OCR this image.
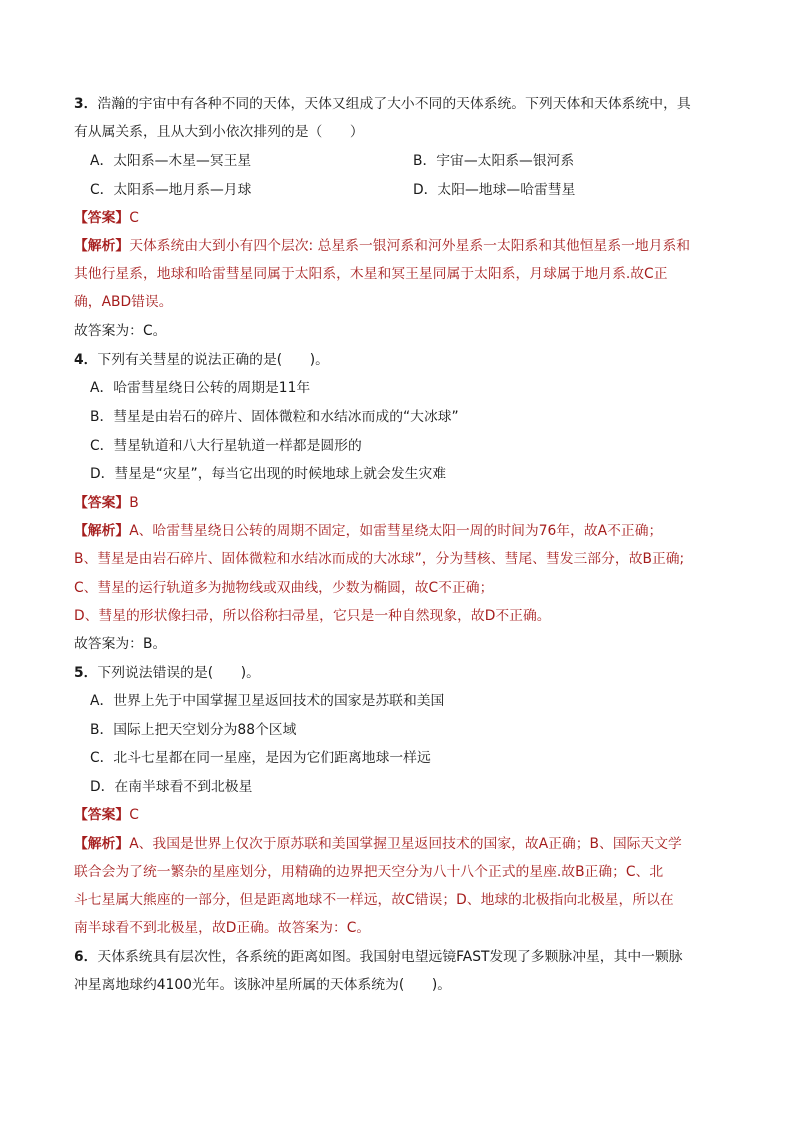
3．浩瀚的宇宙中有各种不同的天体，天体又组成了大小不同的天体系统。下列天体和天体系统中，具
有从属关系，且从大到小依次排列的是（　　）
A．太阳系—木星—冥王星	B．宇宙—太阳系—银河系
C．太阳系—地月系—月球	D．太阳—地球—哈雷彗星
【答案】C
【解析】天体系统由大到小有四个层次: 总星系一银河系和河外星系一太阳系和其他恒星系一地月系和
其他行星系，地球和哈雷彗星同属于太阳系，木星和冥王星同属于太阳系，月球属于地月系.故C正
确，ABD错误。
故答案为：C。
4．下列有关彗星的说法正确的是(　　)。
A．哈雷彗星绕日公转的周期是11年
B．彗星是由岩石的碎片、固体微粒和水结冰而成的“大冰球”
C．彗星轨道和八大行星轨道一样都是圆形的
D．彗星是“灾星”，每当它出现的时候地球上就会发生灾难
【答案】B
【解析】A、哈雷彗星绕日公转的周期不固定，如雷彗星绕太阳一周的时间为76年，故A不正确；
B、彗星是由岩石碎片、固体微粒和水结冰而成的大冰球”，分为彗核、彗尾、彗发三部分，故B正确;
C、彗星的运行轨道多为抛物线或双曲线，少数为椭圆，故C不正确；
D、彗星的形状像扫帚，所以俗称扫帚星，它只是一种自然现象，故D不正确。
故答案为：B。
5．下列说法错误的是(　　)。
A．世界上先于中国掌握卫星返回技术的国家是苏联和美国
B．国际上把天空划分为88个区域
C．北斗七星都在同一星座，是因为它们距离地球一样远
D．在南半球看不到北极星
【答案】C
【解析】A、我国是世界上仅次于原苏联和美国掌握卫星返回技术的国家，故A正确；B、国际天文学
联合会为了统一繁杂的星座划分，用精确的边界把天空分为八十八个正式的星座.故B正确；C、北
斗七星属大熊座的一部分，但是距离地球不一样远，故C错误；D、地球的北极指向北极星，所以在
南半球看不到北极星，故D正确。故答案为：C。
6．天体系统具有层次性，各系统的距离如图。我国射电望远镜FAST发现了多颗脉冲星，其中一颗脉
冲星离地球约4100光年。该脉冲星所属的天体系统为(　　)。
